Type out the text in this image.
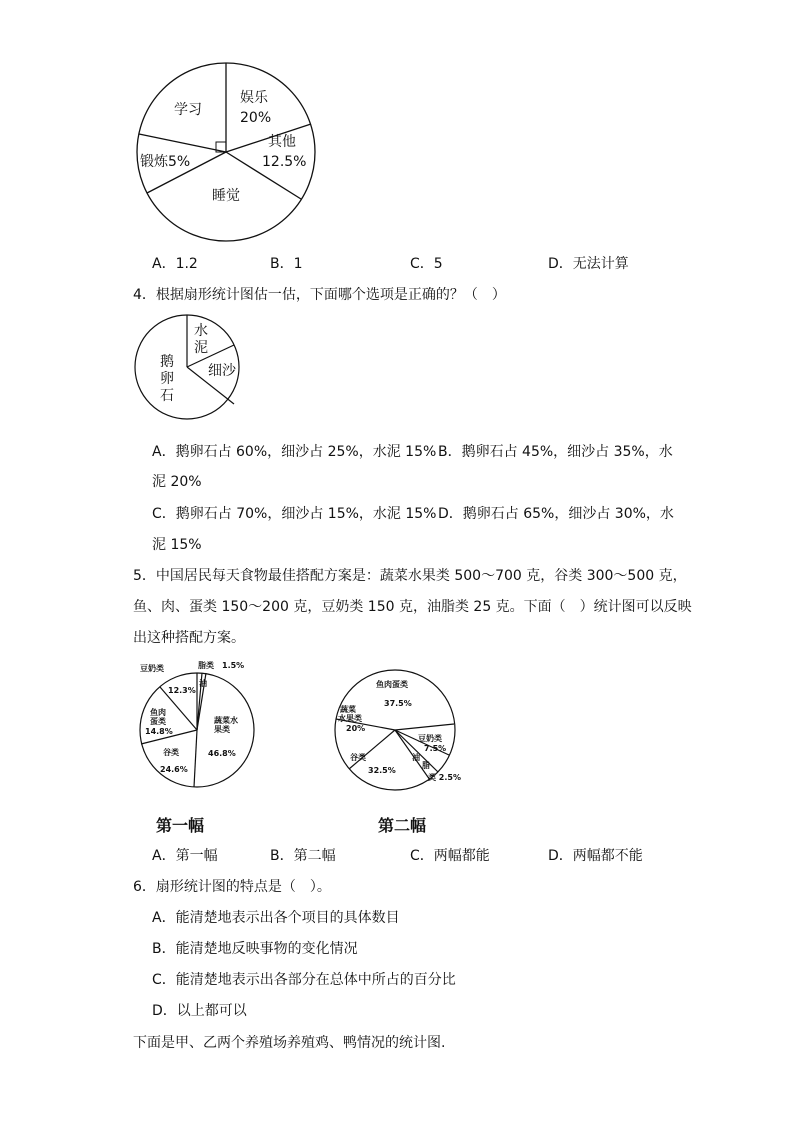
学习
娱乐
20%
其他
12.5%
锻炼5%
睡觉
A．1.2	B．1	C．5	D．无法计算
4．根据扇形统计图估一估，下面哪个选项是正确的？（　）
水
泥
细沙
鹅
卵
石
A．鹅卵石占 60%，细沙占 25%，水泥 15% B．鹅卵石占 45%，细沙占 35%，水
泥 20%
C．鹅卵石占 70%，细沙占 15%，水泥 15% D．鹅卵石占 65%，细沙占 30%，水
泥 15%
5．中国居民每天食物最佳搭配方案是：蔬菜水果类 500～700 克，谷类 300～500 克，
鱼、肉、蛋类 150～200 克，豆奶类 150 克，油脂类 25 克。下面（　）统计图可以反映
出这种搭配方案。
脂类 1.5%
油
豆奶类
12.3%
鱼肉
蛋类
14.8%
蔬菜水
果类
46.8%
谷类
24.6%
鱼肉蛋类
37.5%
蔬菜
水果类
20%
豆奶类
7.5%
谷类
32.5%
油
脂
类 2.5%
第一幅	第二幅
A．第一幅	B．第二幅	C．两幅都能	D．两幅都不能
6．扇形统计图的特点是（　）。
A．能清楚地表示出各个项目的具体数目
B．能清楚地反映事物的变化情况
C．能清楚地表示出各部分在总体中所占的百分比
D．以上都可以
下面是甲、乙两个养殖场养殖鸡、鸭情况的统计图.
